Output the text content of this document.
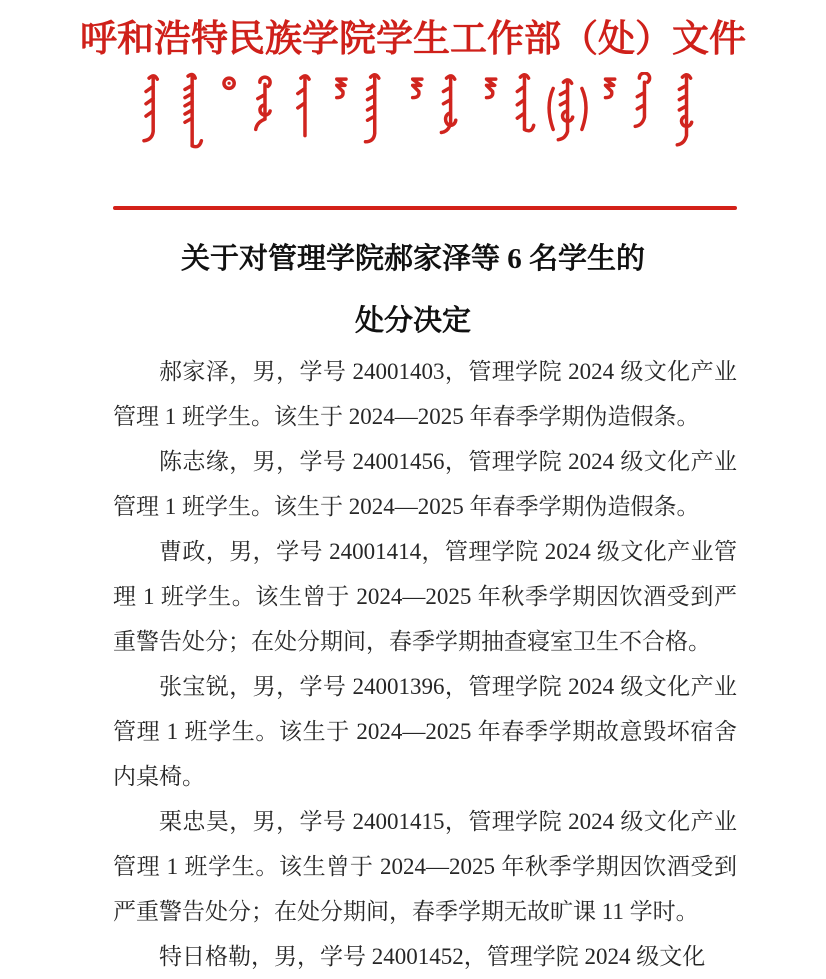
呼和浩特民族学院学生工作部（处）文件
关于对管理学院郝家泽等 6 名学生的
处分决定

郝家泽，男，学号 24001403，管理学院 2024 级文化产业管理 1 班学生。该生于 2024—2025 年春季学期伪造假条。

陈志缘，男，学号 24001456，管理学院 2024 级文化产业管理 1 班学生。该生于 2024—2025 年春季学期伪造假条。

曹政，男，学号 24001414，管理学院 2024 级文化产业管理 1 班学生。该生曾于 2024—2025 年秋季学期因饮酒受到严重警告处分；在处分期间，春季学期抽查寝室卫生不合格。

张宝锐，男，学号 24001396，管理学院 2024 级文化产业管理 1 班学生。该生于 2024—2025 年春季学期故意毁坏宿舍内桌椅。

栗忠昊，男，学号 24001415，管理学院 2024 级文化产业管理 1 班学生。该生曾于 2024—2025 年秋季学期因饮酒受到严重警告处分；在处分期间，春季学期无故旷课 11 学时。

特日格勒，男，学号 24001452，管理学院 2024 级文化
